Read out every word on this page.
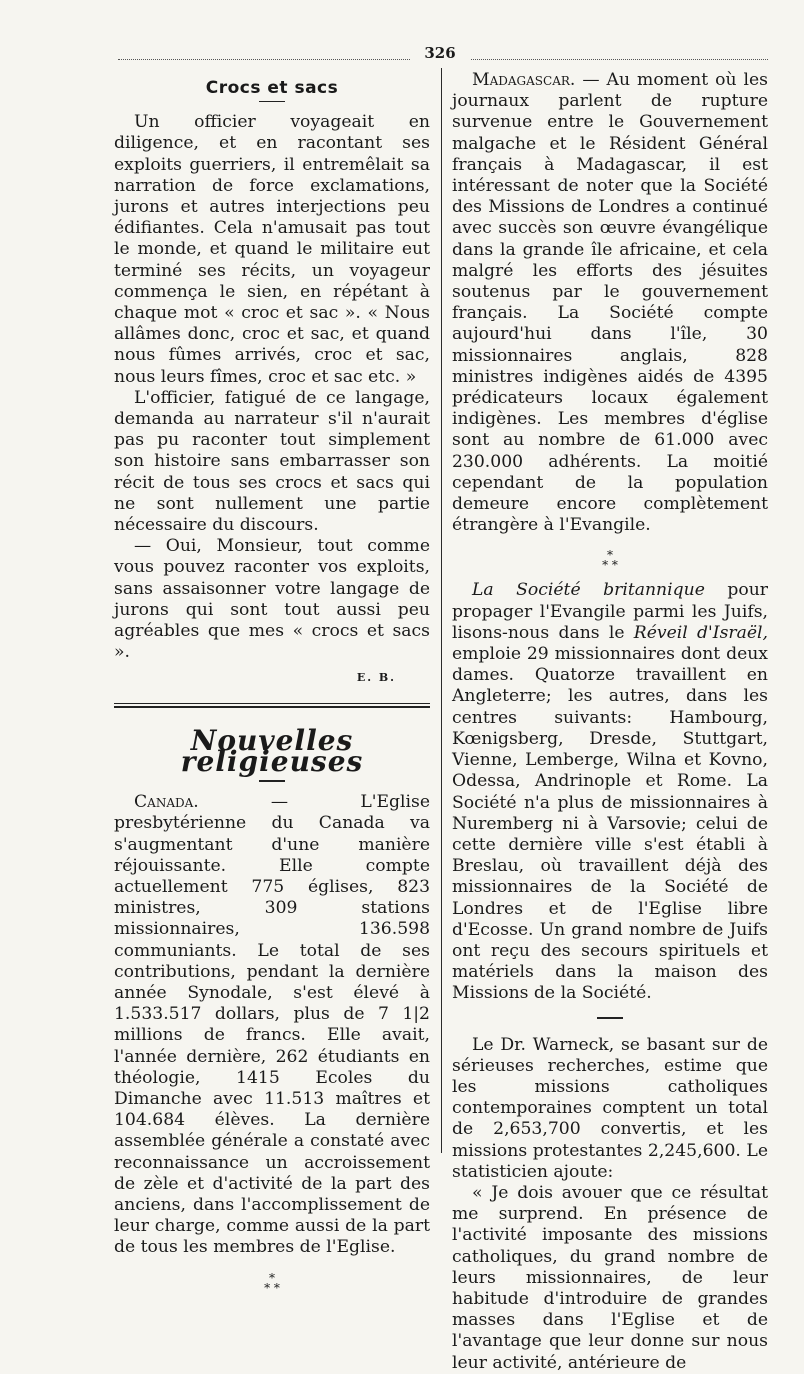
326
Crocs et sacs

Un officier voyageait en diligence, et en racontant ses exploits guerriers, il entremêlait sa narration de force exclamations, jurons et autres interjections peu édifiantes. Cela n'amusait pas tout le monde, et quand le militaire eut terminé ses récits, un voyageur commença le sien, en répétant à chaque mot « croc et sac ». « Nous allâmes donc, croc et sac, et quand nous fûmes arrivés, croc et sac, nous leurs fîmes, croc et sac etc. »

L'officier, fatigué de ce langage, demanda au narrateur s'il n'aurait pas pu raconter tout simplement son histoire sans embarrasser son récit de tous ses crocs et sacs qui ne sont nullement une partie nécessaire du discours.

— Oui, Monsieur, tout comme vous pouvez raconter vos exploits, sans assaisonner votre langage de jurons qui sont tout aussi peu agréables que mes « crocs et sacs ».

E. B.
Nouvelles religieuses

Canada. — L'Eglise presbytérienne du Canada va s'augmentant d'une manière réjouissante. Elle compte actuellement 775 églises, 823 ministres, 309 stations missionnaires, 136.598 communiants. Le total de ses contributions, pendant la dernière année Synodale, s'est élevé à 1.533.517 dollars, plus de 7 1|2 millions de francs. Elle avait, l'année dernière, 262 étudiants en théologie, 1415 Ecoles du Dimanche avec 11.513 maîtres et 104.684 élèves. La dernière assemblée générale a constaté avec reconnaissance un accroissement de zèle et d'activité de la part des anciens, dans l'accomplissement de leur charge, comme aussi de la part de tous les membres de l'Eglise.

*
* *

Madagascar. — Au moment où les journaux parlent de rupture survenue entre le Gouvernement malgache et le Résident Général français à Madagascar, il est intéressant de noter que la Société des Missions de Londres a continué avec succès son œuvre évangélique dans la grande île africaine, et cela malgré les efforts des jésuites soutenus par le gouvernement français. La Société compte aujourd'hui dans l'île, 30 missionnaires anglais, 828 ministres indigènes aidés de 4395 prédicateurs locaux également indigènes. Les membres d'église sont au nombre de 61.000 avec 230.000 adhérents. La moitié cependant de la population demeure encore complètement étrangère à l'Evangile.

*
* *

La Société britannique pour propager l'Evangile parmi les Juifs, lisons-nous dans le Réveil d'Israël, emploie 29 missionnaires dont deux dames. Quatorze travaillent en Angleterre; les autres, dans les centres suivants: Hambourg, Kœnigsberg, Dresde, Stuttgart, Vienne, Lemberge, Wilna et Kovno, Odessa, Andrinople et Rome. La Société n'a plus de missionnaires à Nuremberg ni à Varsovie; celui de cette dernière ville s'est établi à Breslau, où travaillent déjà des missionnaires de la Société de Londres et de l'Eglise libre d'Ecosse. Un grand nombre de Juifs ont reçu des secours spirituels et matériels dans la maison des Missions de la Société.

Le Dr. Warneck, se basant sur de sérieuses recherches, estime que les missions catholiques contemporaines comptent un total de 2,653,700 convertis, et les missions protestantes 2,245,600. Le statisticien ajoute:

« Je dois avouer que ce résultat me surprend. En présence de l'activité imposante des missions catholiques, du grand nombre de leurs missionnaires, de leur habitude d'introduire de grandes masses dans l'Eglise et de l'avantage que leur donne sur nous leur activité, antérieure de
